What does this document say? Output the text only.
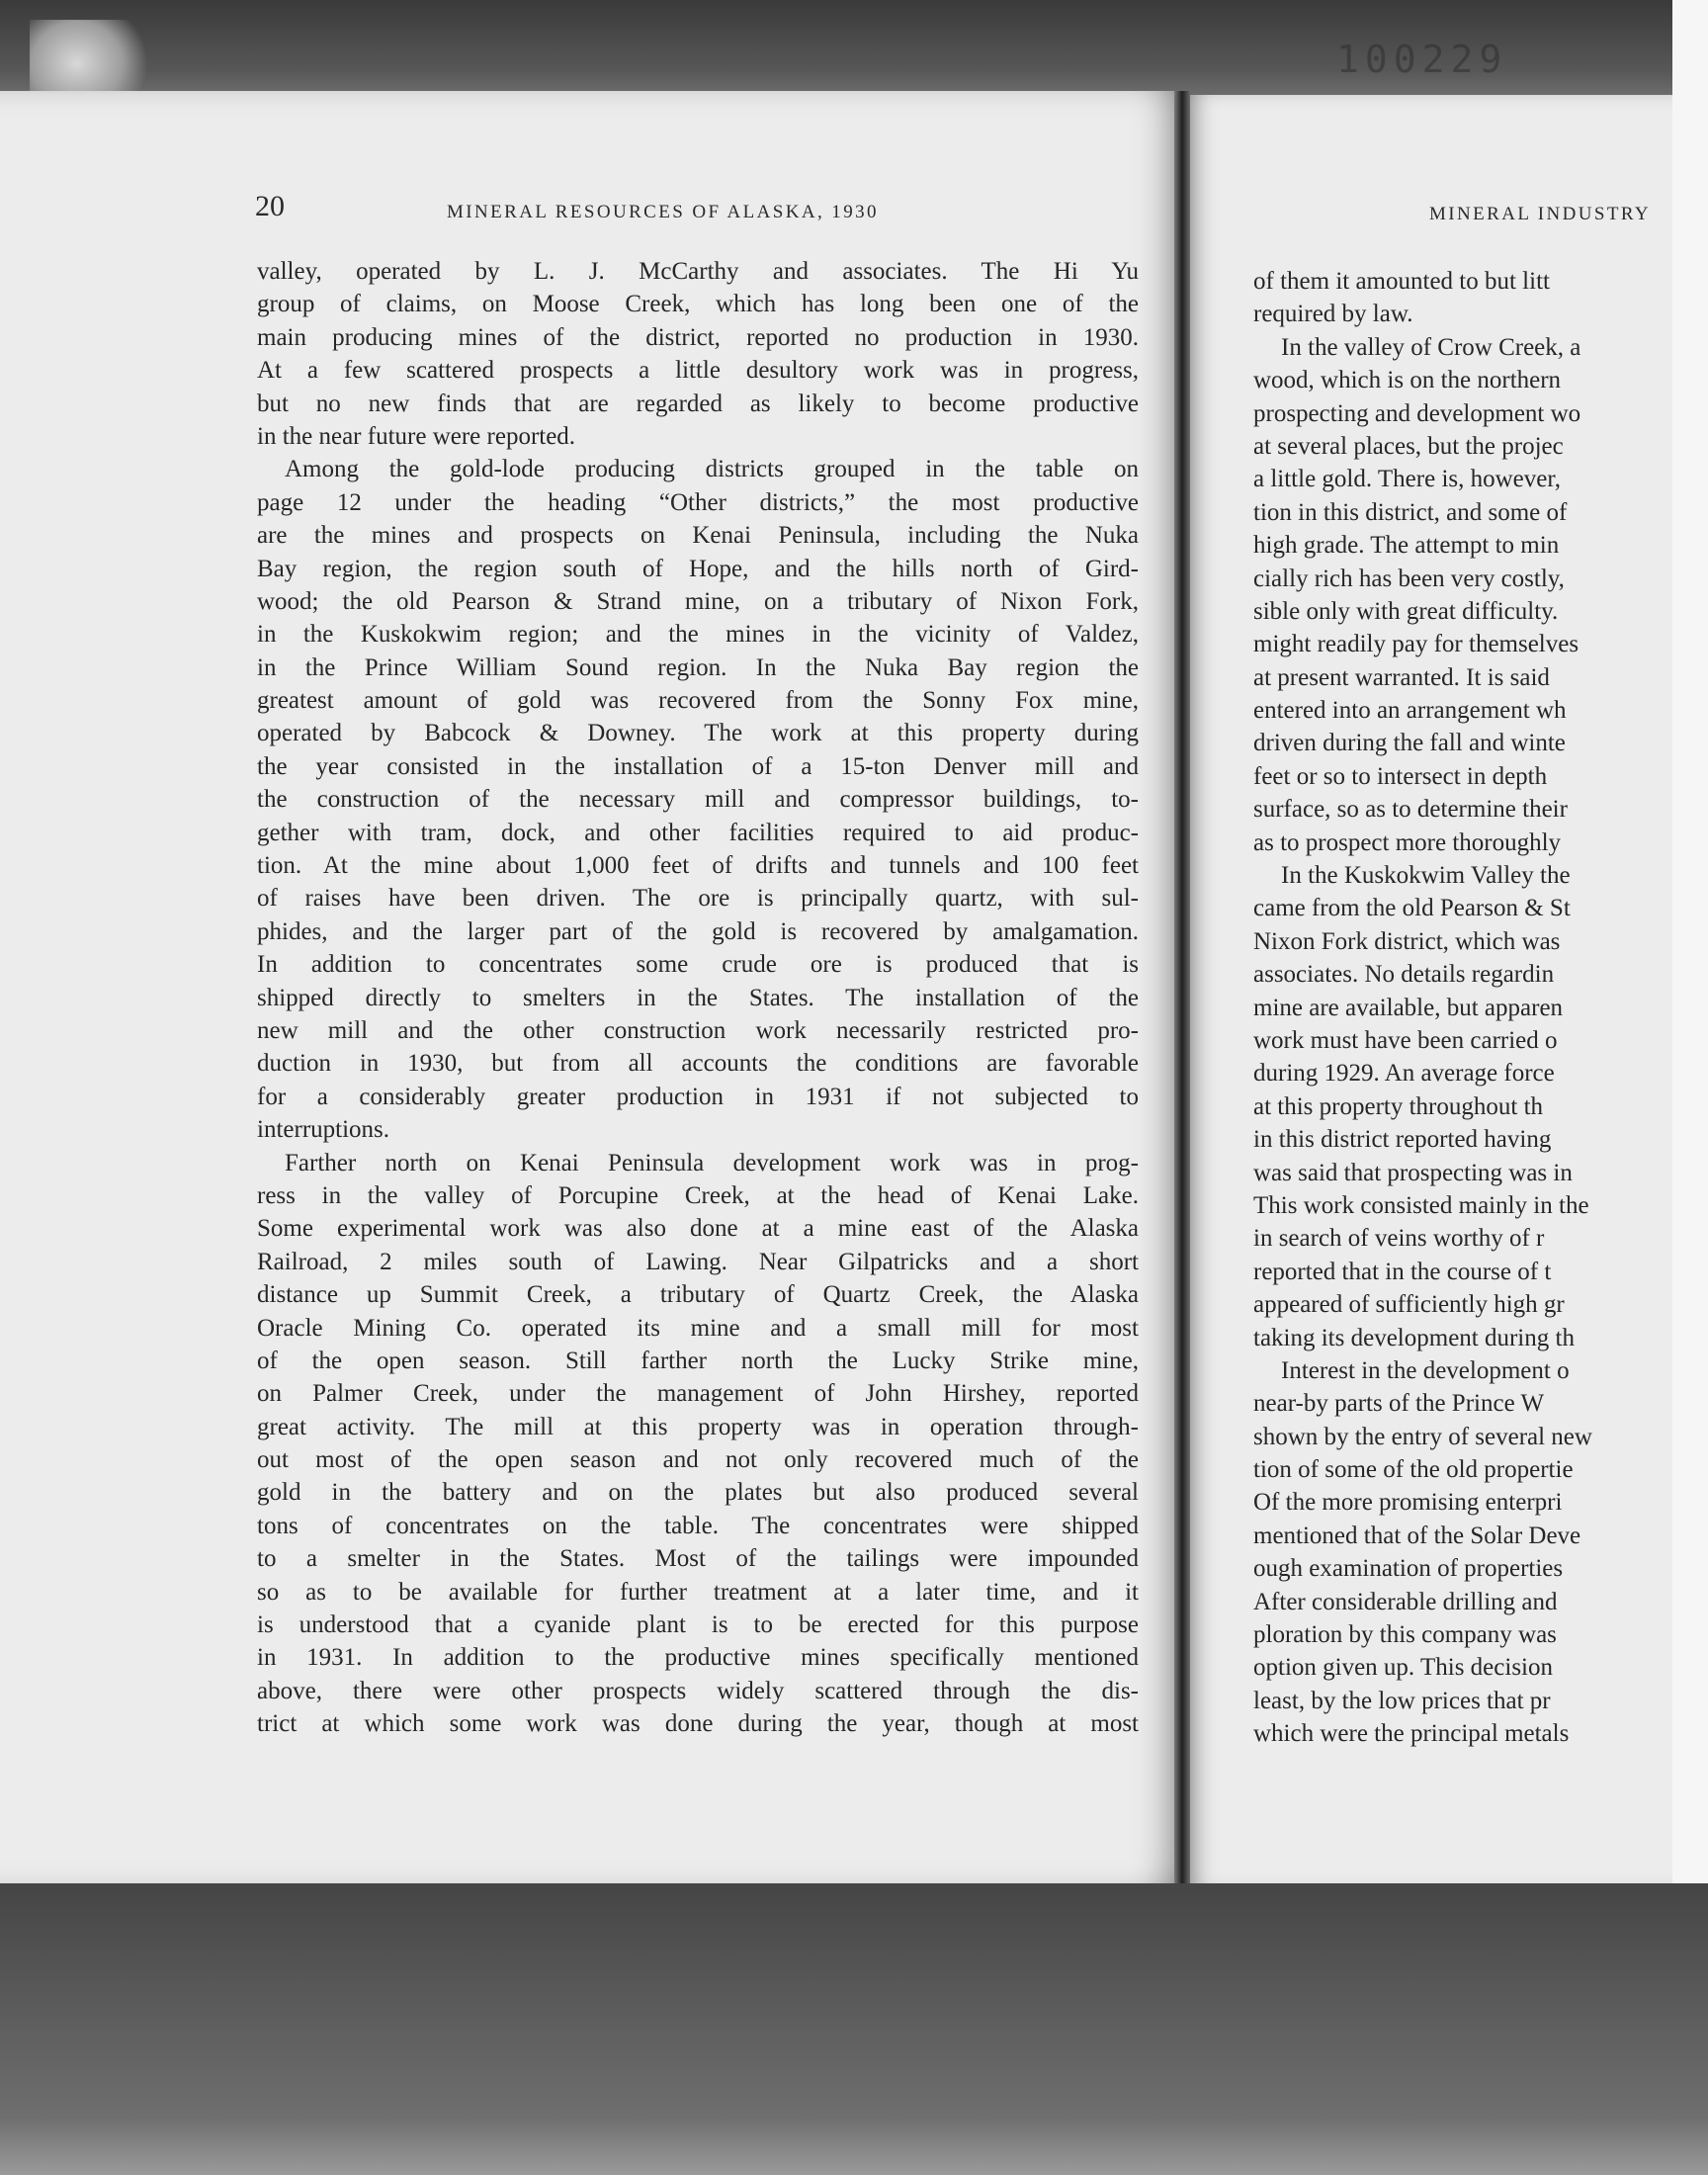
100229
20	MINERAL RESOURCES OF ALASKA, 1930	MINERAL INDUSTRY
valley, operated by L. J. McCarthy and associates. The Hi Yu
group of claims, on Moose Creek, which has long been one of the
main producing mines of the district, reported no production in 1930.
At a few scattered prospects a little desultory work was in progress,
but no new finds that are regarded as likely to become productive
in the near future were reported.
Among the gold-lode producing districts grouped in the table on
page 12 under the heading “Other districts,” the most productive
are the mines and prospects on Kenai Peninsula, including the Nuka
Bay region, the region south of Hope, and the hills north of Gird-
wood; the old Pearson & Strand mine, on a tributary of Nixon Fork,
in the Kuskokwim region; and the mines in the vicinity of Valdez,
in the Prince William Sound region. In the Nuka Bay region the
greatest amount of gold was recovered from the Sonny Fox mine,
operated by Babcock & Downey. The work at this property during
the year consisted in the installation of a 15-ton Denver mill and
the construction of the necessary mill and compressor buildings, to-
gether with tram, dock, and other facilities required to aid produc-
tion. At the mine about 1,000 feet of drifts and tunnels and 100 feet
of raises have been driven. The ore is principally quartz, with sul-
phides, and the larger part of the gold is recovered by amalgamation.
In addition to concentrates some crude ore is produced that is
shipped directly to smelters in the States. The installation of the
new mill and the other construction work necessarily restricted pro-
duction in 1930, but from all accounts the conditions are favorable
for a considerably greater production in 1931 if not subjected to
interruptions.
Farther north on Kenai Peninsula development work was in prog-
ress in the valley of Porcupine Creek, at the head of Kenai Lake.
Some experimental work was also done at a mine east of the Alaska
Railroad, 2 miles south of Lawing. Near Gilpatricks and a short
distance up Summit Creek, a tributary of Quartz Creek, the Alaska
Oracle Mining Co. operated its mine and a small mill for most
of the open season. Still farther north the Lucky Strike mine,
on Palmer Creek, under the management of John Hirshey, reported
great activity. The mill at this property was in operation through-
out most of the open season and not only recovered much of the
gold in the battery and on the plates but also produced several
tons of concentrates on the table. The concentrates were shipped
to a smelter in the States. Most of the tailings were impounded
so as to be available for further treatment at a later time, and it
is understood that a cyanide plant is to be erected for this purpose
in 1931. In addition to the productive mines specifically mentioned
above, there were other prospects widely scattered through the dis-
trict at which some work was done during the year, though at most
of them it amounted to but litt
required by law.
In the valley of Crow Creek, a
wood, which is on the northern
prospecting and development wo
at several places, but the projec
a little gold. There is, however,
tion in this district, and some of
high grade. The attempt to min
cially rich has been very costly,
sible only with great difficulty.
might readily pay for themselves
at present warranted. It is said
entered into an arrangement wh
driven during the fall and winte
feet or so to intersect in depth
surface, so as to determine their
as to prospect more thoroughly
In the Kuskokwim Valley the
came from the old Pearson & St
Nixon Fork district, which was
associates. No details regardin
mine are available, but apparen
work must have been carried o
during 1929. An average force
at this property throughout th
in this district reported having
was said that prospecting was in
This work consisted mainly in the
in search of veins worthy of r
reported that in the course of t
appeared of sufficiently high gr
taking its development during th
Interest in the development o
near-by parts of the Prince W
shown by the entry of several new
tion of some of the old propertie
Of the more promising enterpri
mentioned that of the Solar Deve
ough examination of properties
After considerable drilling and
ploration by this company was
option given up. This decision
least, by the low prices that pr
which were the principal metals
